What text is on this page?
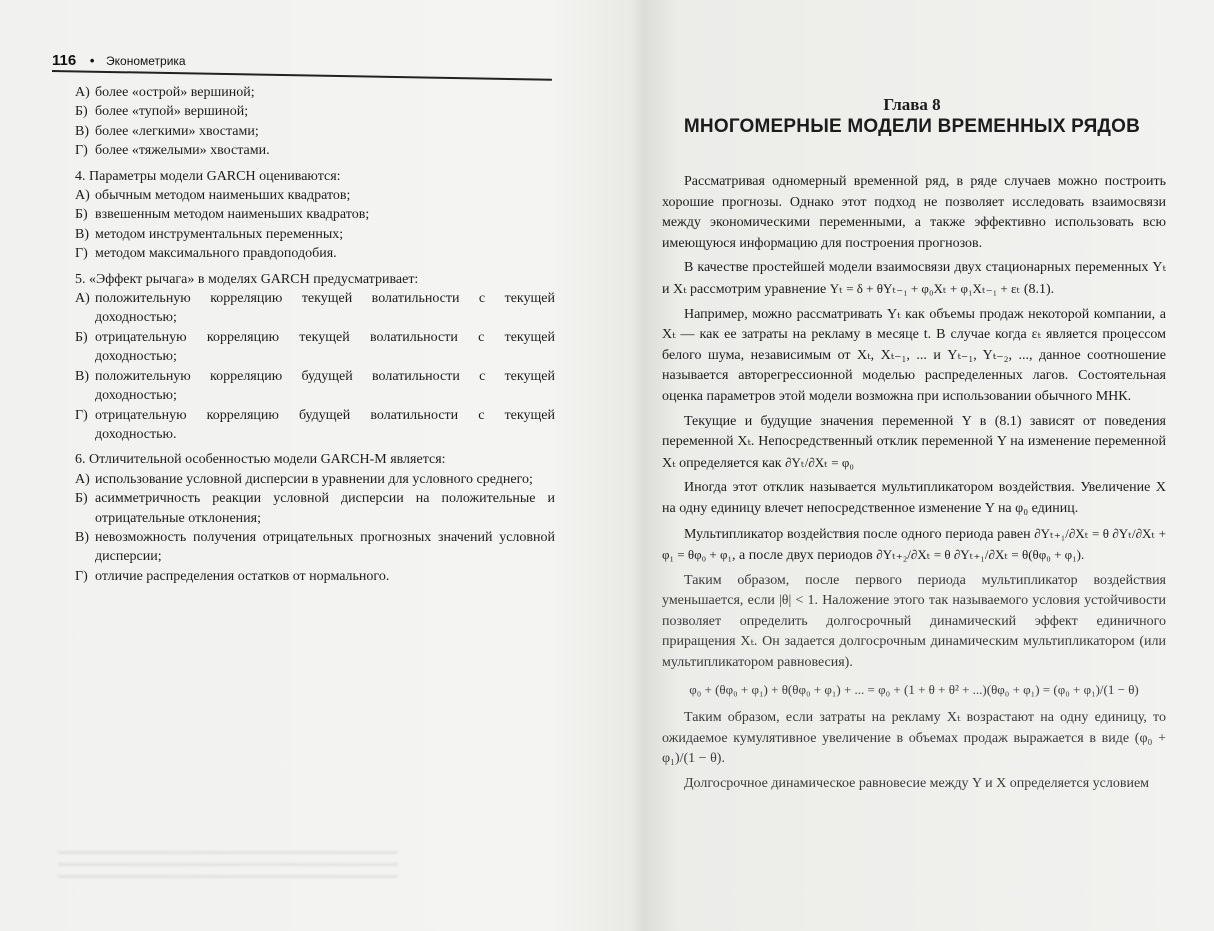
116 • Эконометрика
А) более «острой» вершиной;
Б) более «тупой» вершиной;
В) более «легкими» хвостами;
Г) более «тяжелыми» хвостами.
4. Параметры модели GARCH оцениваются:
А) обычным методом наименьших квадратов;
Б) взвешенным методом наименьших квадратов;
В) методом инструментальных переменных;
Г) методом максимального правдоподобия.
5. «Эффект рычага» в моделях GARCH предусматривает:
А) положительную корреляцию текущей волатильности с текущей доходностью;
Б) отрицательную корреляцию текущей волатильности с текущей доходностью;
В) положительную корреляцию будущей волатильности с текущей доходностью;
Г) отрицательную корреляцию будущей волатильности с текущей доходностью.
6. Отличительной особенностью модели GARCH-M является:
А) использование условной дисперсии в уравнении для условного среднего;
Б) асимметричность реакции условной дисперсии на положительные и отрицательные отклонения;
В) невозможность получения отрицательных прогнозных значений условной дисперсии;
Г) отличие распределения остатков от нормального.
Глава 8
МНОГОМЕРНЫЕ МОДЕЛИ ВРЕМЕННЫХ РЯДОВ

Рассматривая одномерный временной ряд, в ряде случаев можно построить хорошие прогнозы. Однако этот подход не позволяет исследовать взаимосвязи между экономическими переменными, а также эффективно использовать всю имеющуюся информацию для построения прогнозов.

В качестве простейшей модели взаимосвязи двух стационарных переменных Yₜ и Xₜ рассмотрим уравнение Yₜ = δ + θYₜ₋₁ + φ₀Xₜ + φ₁Xₜ₋₁ + εₜ (8.1).

Например, можно рассматривать Yₜ как объемы продаж некоторой компании, а Xₜ — как ее затраты на рекламу в месяце t. В случае когда εₜ является процессом белого шума, независимым от Xₜ, Xₜ₋₁, ... и Yₜ₋₁, Yₜ₋₂, ..., данное соотношение называется авторегрессионной моделью распределенных лагов. Состоятельная оценка параметров этой модели возможна при использовании обычного МНК.

Текущие и будущие значения переменной Y в (8.1) зависят от поведения переменной Xₜ. Непосредственный отклик переменной Y на изменение переменной Xₜ определяется как ∂Yₜ/∂Xₜ = φ₀

Иногда этот отклик называется мультипликатором воздействия. Увеличение X на одну единицу влечет непосредственное изменение Y на φ₀ единиц.

Мультипликатор воздействия после одного периода равен ∂Yₜ₊₁/∂Xₜ = θ ∂Yₜ/∂Xₜ + φ₁ = θφ₀ + φ₁, а после двух периодов ∂Yₜ₊₂/∂Xₜ = θ ∂Yₜ₊₁/∂Xₜ = θ(θφ₀ + φ₁).

Таким образом, после первого периода мультипликатор воздействия уменьшается, если |θ| < 1. Наложение этого так называемого условия устойчивости позволяет определить долгосрочный динамический эффект единичного приращения Xₜ. Он задается долгосрочным динамическим мультипликатором (или мультипликатором равновесия).

φ₀ + (θφ₀ + φ₁) + θ(θφ₀ + φ₁) + ... = φ₀ + (1 + θ + θ² + ...)(θφ₀ + φ₁) = (φ₀ + φ₁)/(1 − θ)

Таким образом, если затраты на рекламу Xₜ возрастают на одну единицу, то ожидаемое кумулятивное увеличение в объемах продаж выражается в виде (φ₀ + φ₁)/(1 − θ).

Долгосрочное динамическое равновесие между Y и X определяется условием
